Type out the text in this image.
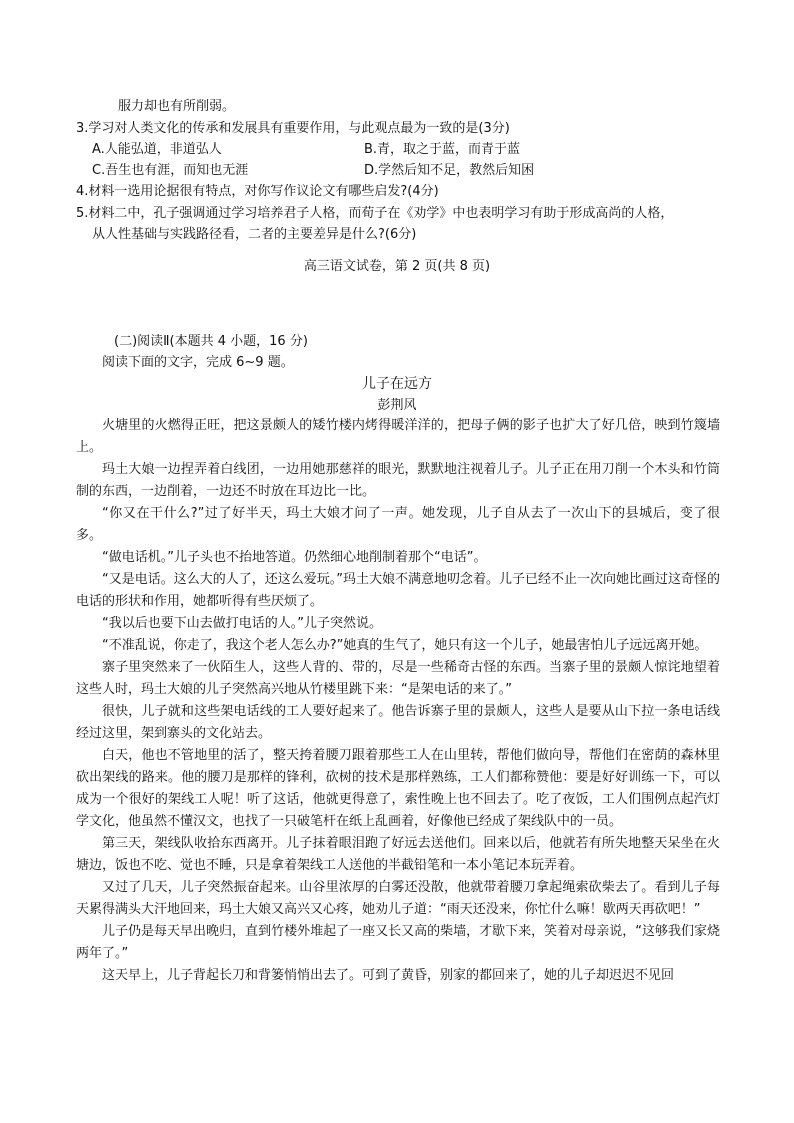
服力却也有所削弱。
3.学习对人类文化的传承和发展具有重要作用，与此观点最为一致的是(3分)
A.人能弘道，非道弘人	B.青，取之于蓝，而青于蓝
C.吾生也有涯，而知也无涯	D.学然后知不足，教然后知困
4.材料一选用论据很有特点，对你写作议论文有哪些启发?(4分)
5.材料二中，孔子强调通过学习培养君子人格，而荀子在《劝学》中也表明学习有助于形成高尚的人格，
从人性基础与实践路径看，二者的主要差异是什么?(6分)
高三语文试卷，第 2 页(共 8 页)
(二)阅读Ⅱ(本题共 4 小题，16 分)
阅读下面的文字，完成 6~9 题。
儿子在远方
彭荆风

火塘里的火燃得正旺，把这景颇人的矮竹楼内烤得暖洋洋的，把母子俩的影子也扩大了好几倍，映到竹篾墙上。

玛土大娘一边捏弄着白线团，一边用她那慈祥的眼光，默默地注视着儿子。儿子正在用刀削一个木头和竹筒制的东西，一边削着，一边还不时放在耳边比一比。

“你又在干什么?”过了好半天，玛土大娘才问了一声。她发现，儿子自从去了一次山下的县城后，变了很多。

“做电话机。”儿子头也不抬地答道。仍然细心地削制着那个“电话”。

“又是电话。这么大的人了，还这么爱玩。”玛土大娘不满意地叨念着。儿子已经不止一次向她比画过这奇怪的电话的形状和作用，她都听得有些厌烦了。

“我以后也要下山去做打电话的人。”儿子突然说。

“不准乱说，你走了，我这个老人怎么办?”她真的生气了，她只有这一个儿子，她最害怕儿子远远离开她。

寨子里突然来了一伙陌生人，这些人背的、带的，尽是一些稀奇古怪的东西。当寨子里的景颇人惊诧地望着这些人时，玛土大娘的儿子突然高兴地从竹楼里跳下来：“是架电话的来了。”

很快，儿子就和这些架电话线的工人要好起来了。他告诉寨子里的景颇人，这些人是要从山下拉一条电话线经过这里，架到寨头的文化站去。

白天，他也不管地里的活了，整天挎着腰刀跟着那些工人在山里转，帮他们做向导，帮他们在密荫的森林里砍出架线的路来。他的腰刀是那样的锋利，砍树的技术是那样熟练，工人们都称赞他：要是好好训练一下，可以成为一个很好的架线工人呢！听了这话，他就更得意了，索性晚上也不回去了。吃了夜饭，工人们围例点起汽灯学文化，他虽然不懂汉文，也找了一只破笔杆在纸上乱画着，好像他已经成了架线队中的一员。

第三天，架线队收拾东西离开。儿子抹着眼泪跑了好远去送他们。回来以后，他就若有所失地整天呆坐在火塘边，饭也不吃、觉也不睡，只是拿着架线工人送他的半截铅笔和一本小笔记本玩弄着。

又过了几天，儿子突然振奋起来。山谷里浓厚的白雾还没散，他就带着腰刀拿起绳索砍柴去了。看到儿子每天累得满头大汗地回来，玛土大娘又高兴又心疼，她劝儿子道：“雨天还没来，你忙什么嘛！歇两天再砍吧！”

儿子仍是每天早出晚归，直到竹楼外堆起了一座又长又高的柴墙，才歇下来，笑着对母亲说，“这够我们家烧两年了。”

这天早上，儿子背起长刀和背篓悄悄出去了。可到了黄昏，别家的都回来了，她的儿子却迟迟不见回
